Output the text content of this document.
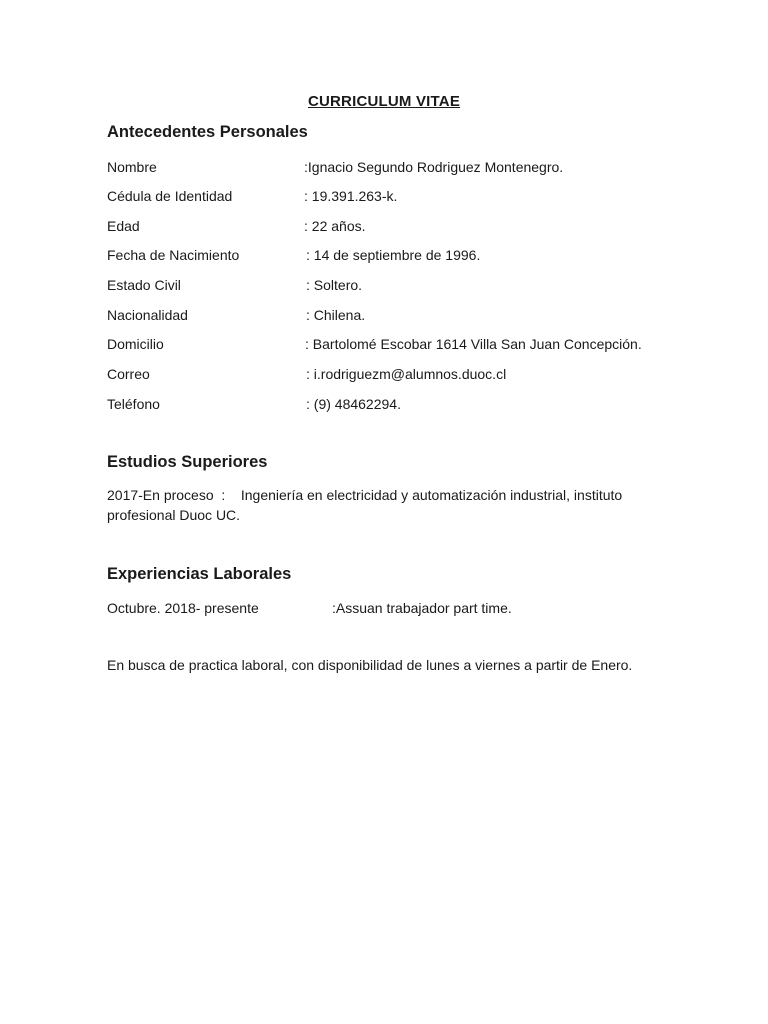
CURRICULUM VITAE
Antecedentes Personales
Nombre	:Ignacio Segundo Rodriguez Montenegro.
Cédula de Identidad	: 19.391.263-k.
Edad	: 22 años.
Fecha de Nacimiento	: 14 de septiembre de 1996.
Estado Civil	: Soltero.
Nacionalidad	: Chilena.
Domicilio	: Bartolomé Escobar 1614 Villa San Juan Concepción.
Correo	: i.rodriguezm@alumnos.duoc.cl
Teléfono	: (9) 48462294.
Estudios Superiores
2017-En proceso  :    Ingeniería en electricidad y automatización industrial, instituto profesional Duoc UC.
Experiencias Laborales
Octubre. 2018- presente	:Assuan trabajador part time.
En busca de practica laboral, con disponibilidad de lunes a viernes a partir de Enero.
